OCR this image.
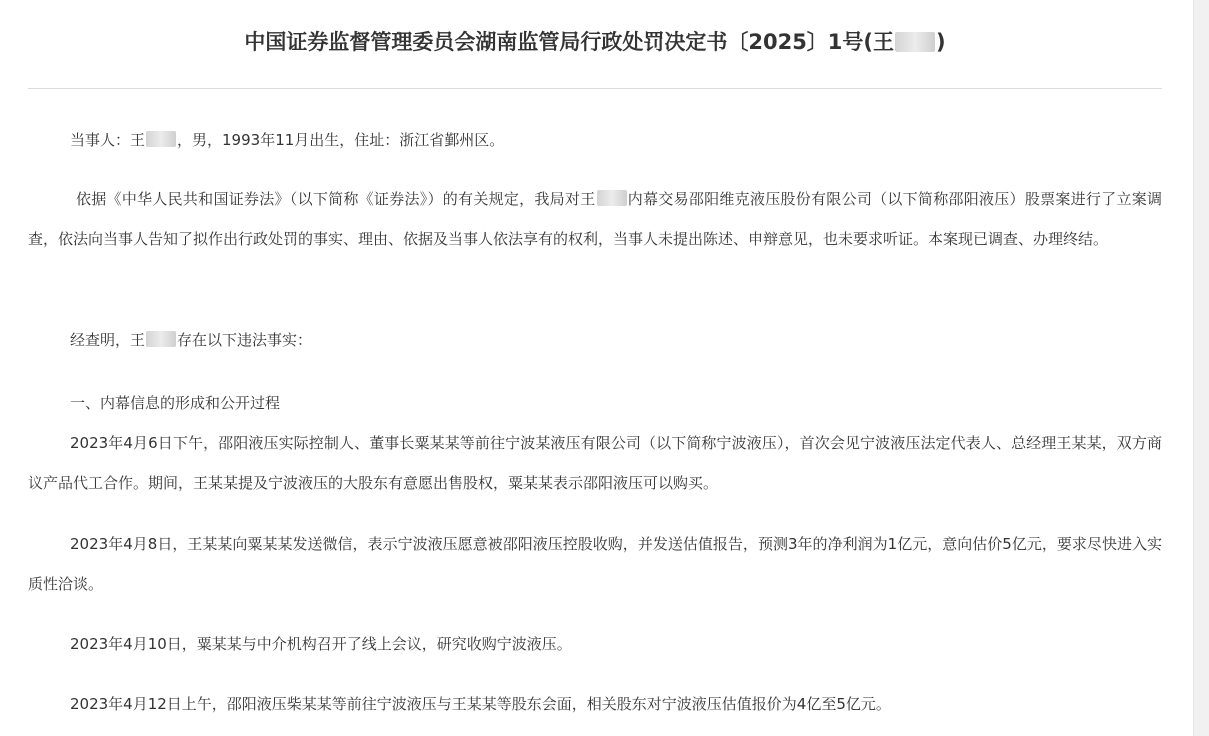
中国证券监督管理委员会湖南监管局行政处罚决定书〔2025〕1号(王 )

当事人：王 ，男，1993年11月出生，住址：浙江省鄞州区。

依据《中华人民共和国证券法》（以下简称《证券法》）的有关规定，我局对王 内幕交易邵阳维克液压股份有限公司（以下简称邵阳液压）股票案进行了立案调查，依法向当事人告知了拟作出行政处罚的事实、理由、依据及当事人依法享有的权利，当事人未提出陈述、申辩意见，也未要求听证。本案现已调查、办理终结。

经查明，王 存在以下违法事实：

一、内幕信息的形成和公开过程

2023年4月6日下午，邵阳液压实际控制人、董事长粟某某等前往宁波某液压有限公司（以下简称宁波液压），首次会见宁波液压法定代表人、总经理王某某，双方商议产品代工合作。期间，王某某提及宁波液压的大股东有意愿出售股权，粟某某表示邵阳液压可以购买。

2023年4月8日，王某某向粟某某发送微信，表示宁波液压愿意被邵阳液压控股收购，并发送估值报告，预测3年的净利润为1亿元，意向估价5亿元，要求尽快进入实质性洽谈。

2023年4月10日，粟某某与中介机构召开了线上会议，研究收购宁波液压。

2023年4月12日上午，邵阳液压柴某某等前往宁波液压与王某某等股东会面，相关股东对宁波液压估值报价为4亿至5亿元。
